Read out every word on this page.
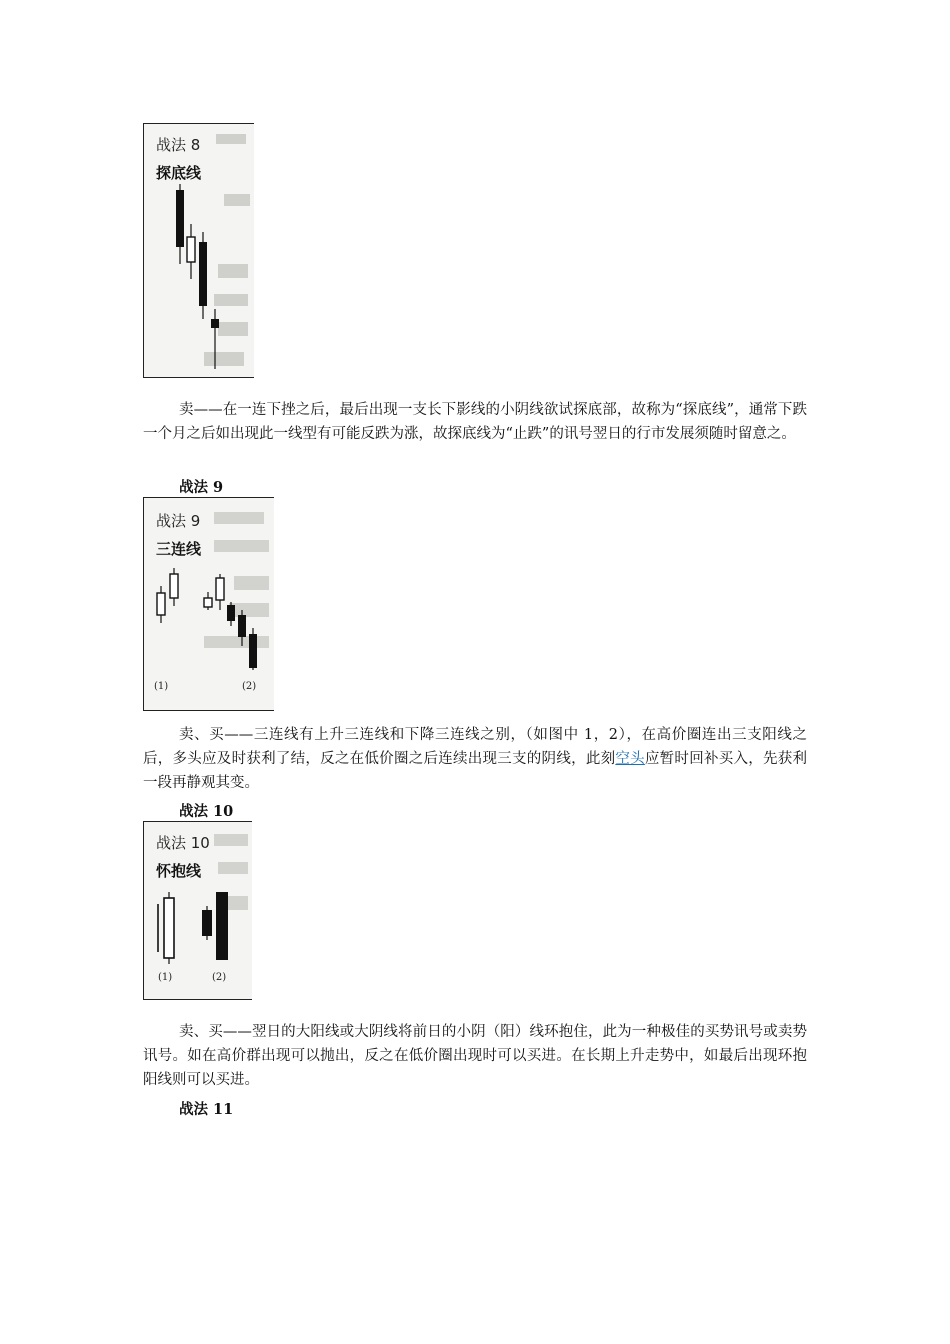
战法 8
探底线

卖——在一连下挫之后，最后出现一支长下影线的小阴线欲试探底部，故称为“探底线”，通常下跌一个月之后如出现此一线型有可能反跌为涨，故探底线为“止跌”的讯号翌日的行市发展须随时留意之。

战法 9

战法 9
三连线
(1)	(2)

卖、买——三连线有上升三连线和下降三连线之别，（如图中 1，2），在高价圈连出三支阳线之后，多头应及时获利了结，反之在低价圈之后连续出现三支的阴线，此刻空头应暂时回补买入，先获利一段再静观其变。

战法 10

战法 10
怀抱线
(1)	(2)

卖、买——翌日的大阳线或大阴线将前日的小阴（阳）线环抱住，此为一种极佳的买势讯号或卖势讯号。如在高价群出现可以抛出，反之在低价圈出现时可以买进。在长期上升走势中，如最后出现环抱阳线则可以买进。

战法 11
